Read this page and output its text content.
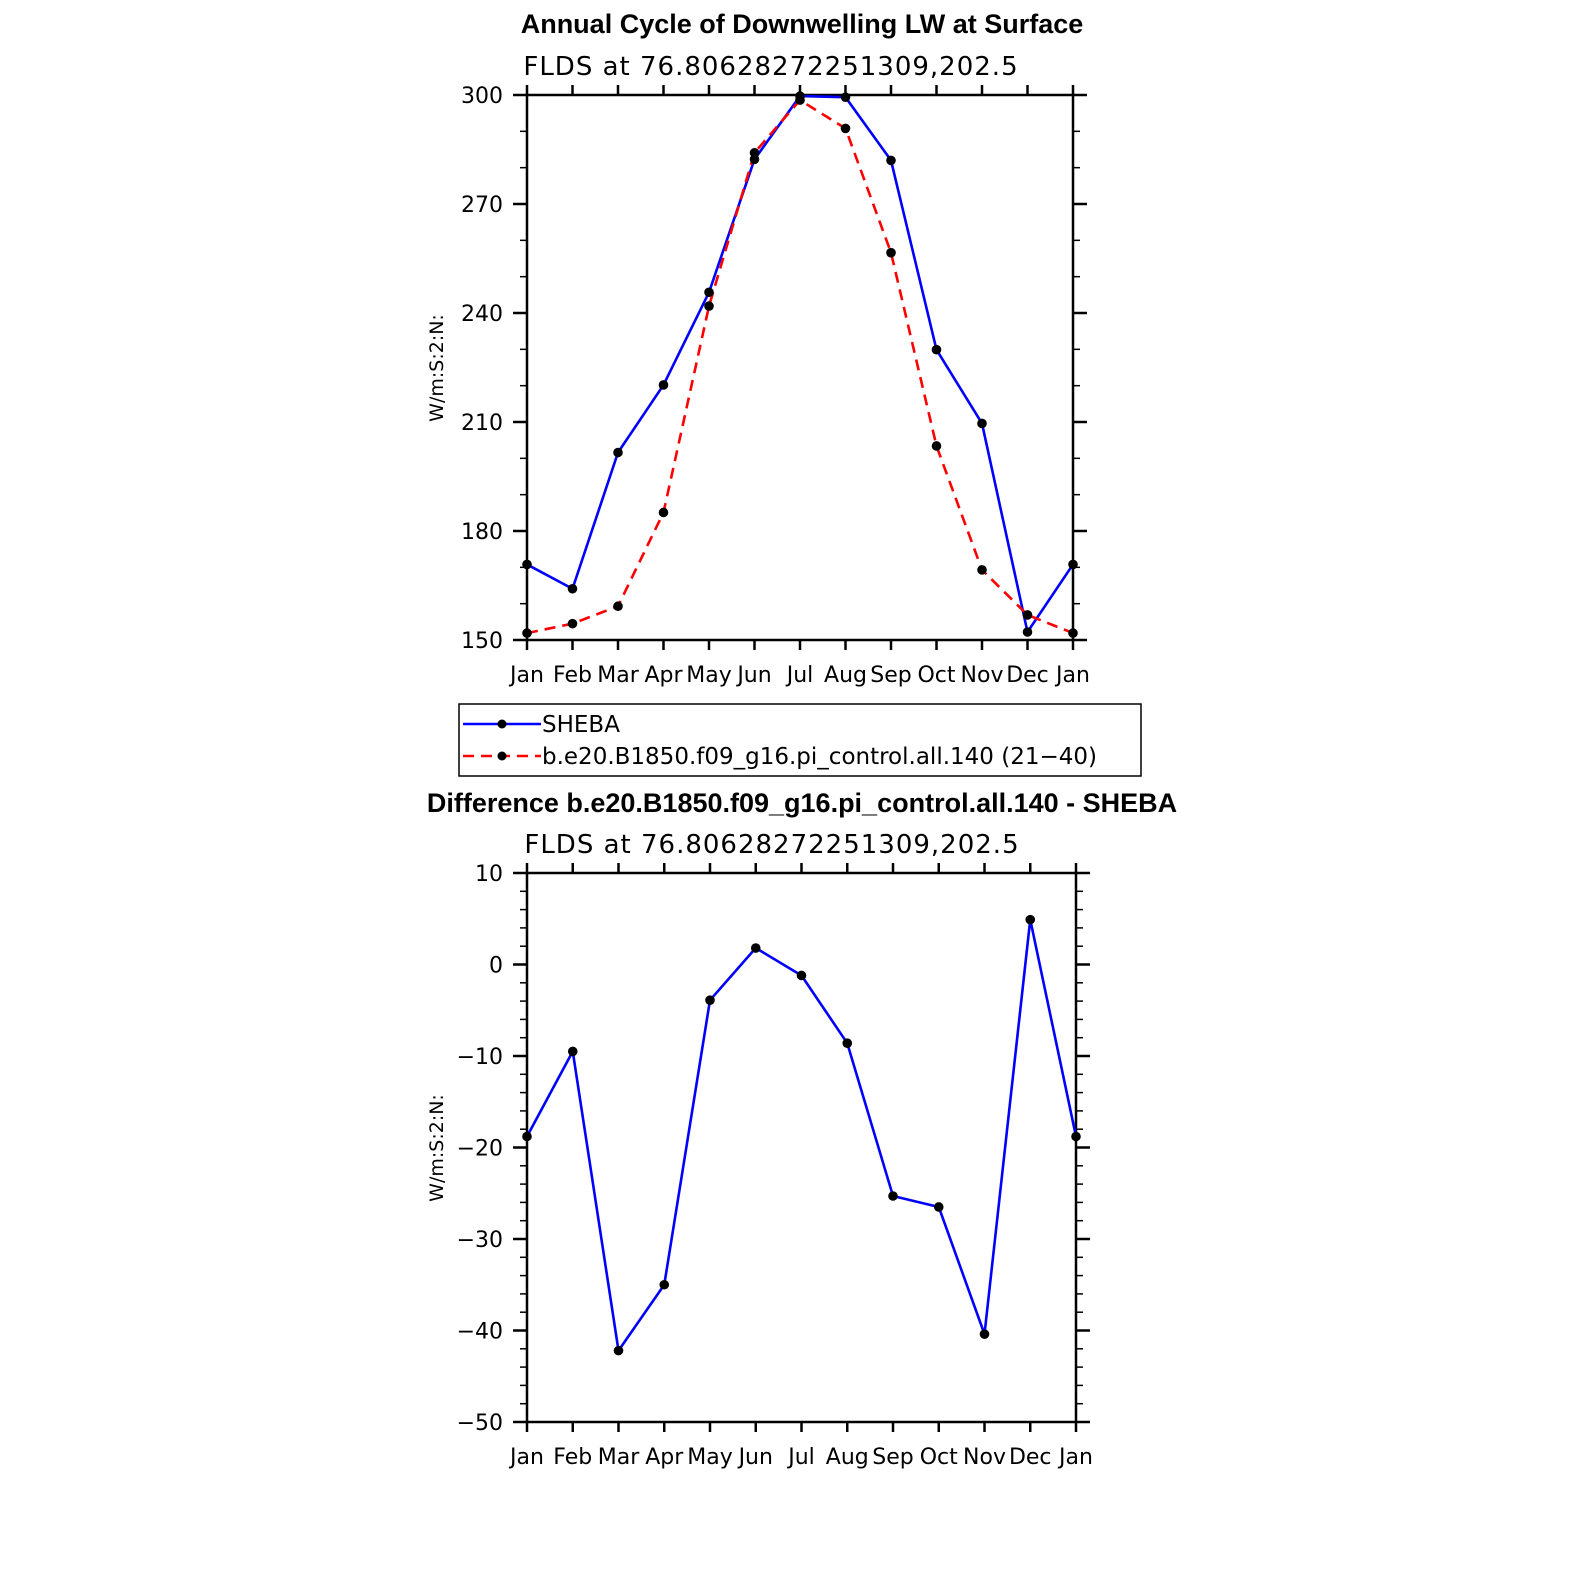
Annual Cycle of Downwelling LW at Surface
FLDS at 76.80628272251309,202.5
W/m:S:2:N:
Jan Feb Mar Apr May Jun Jul Aug Sep Oct Nov Dec Jan
150
180
210
240
270
300
SHEBA
b.e20.B1850.f09_g16.pi_control.all.140 (21−40)
Difference b.e20.B1850.f09_g16.pi_control.all.140 - SHEBA
FLDS at 76.80628272251309,202.5
W/m:S:2:N:
Jan Feb Mar Apr May Jun Jul Aug Sep Oct Nov Dec Jan
−50
−40
−30
−20
−10
0
10
